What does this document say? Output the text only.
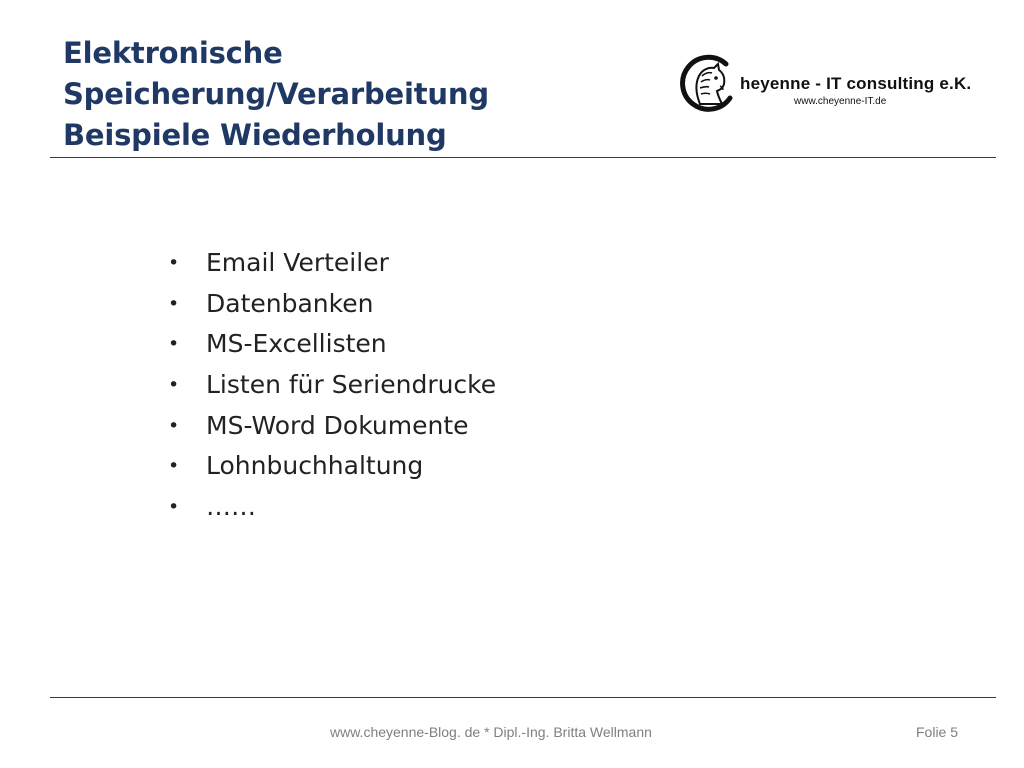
Elektronische
Speicherung/Verarbeitung
Beispiele Wiederholung
heyenne - IT consulting e.K.
www.cheyenne-IT.de
• Email Verteiler
• Datenbanken
• MS-Excellisten
• Listen für Seriendrucke
• MS-Word Dokumente
• Lohnbuchhaltung
• ……
www.cheyenne-Blog. de * Dipl.-Ing. Britta Wellmann	Folie 5
